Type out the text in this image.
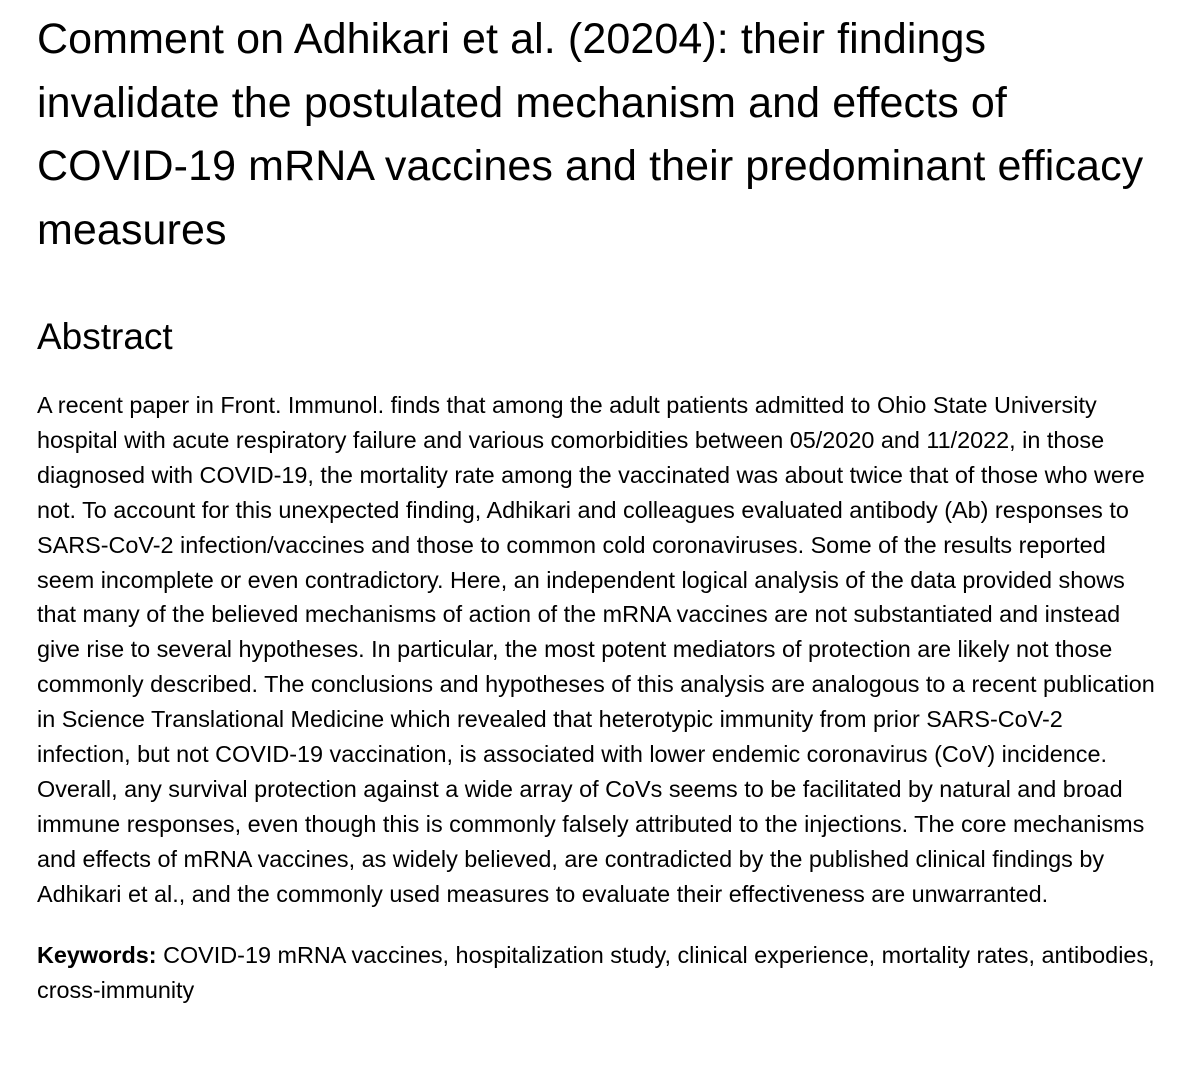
Comment on Adhikari et al. (20204): their findings invalidate the postulated mechanism and effects of COVID-19 mRNA vaccines and their predominant efficacy measures
Abstract

A recent paper in Front. Immunol. finds that among the adult patients admitted to Ohio State University hospital with acute respiratory failure and various comorbidities between 05/2020 and 11/2022, in those diagnosed with COVID-19, the mortality rate among the vaccinated was about twice that of those who were not. To account for this unexpected finding, Adhikari and colleagues evaluated antibody (Ab) responses to SARS-CoV-2 infection/vaccines and those to common cold coronaviruses. Some of the results reported seem incomplete or even contradictory. Here, an independent logical analysis of the data provided shows that many of the believed mechanisms of action of the mRNA vaccines are not substantiated and instead give rise to several hypotheses. In particular, the most potent mediators of protection are likely not those commonly described. The conclusions and hypotheses of this analysis are analogous to a recent publication in Science Translational Medicine which revealed that heterotypic immunity from prior SARS-CoV-2 infection, but not COVID-19 vaccination, is associated with lower endemic coronavirus (CoV) incidence. Overall, any survival protection against a wide array of CoVs seems to be facilitated by natural and broad immune responses, even though this is commonly falsely attributed to the injections. The core mechanisms and effects of mRNA vaccines, as widely believed, are contradicted by the published clinical findings by Adhikari et al., and the commonly used measures to evaluate their effectiveness are unwarranted.

Keywords: COVID-19 mRNA vaccines, hospitalization study, clinical experience, mortality rates, antibodies, cross-immunity
